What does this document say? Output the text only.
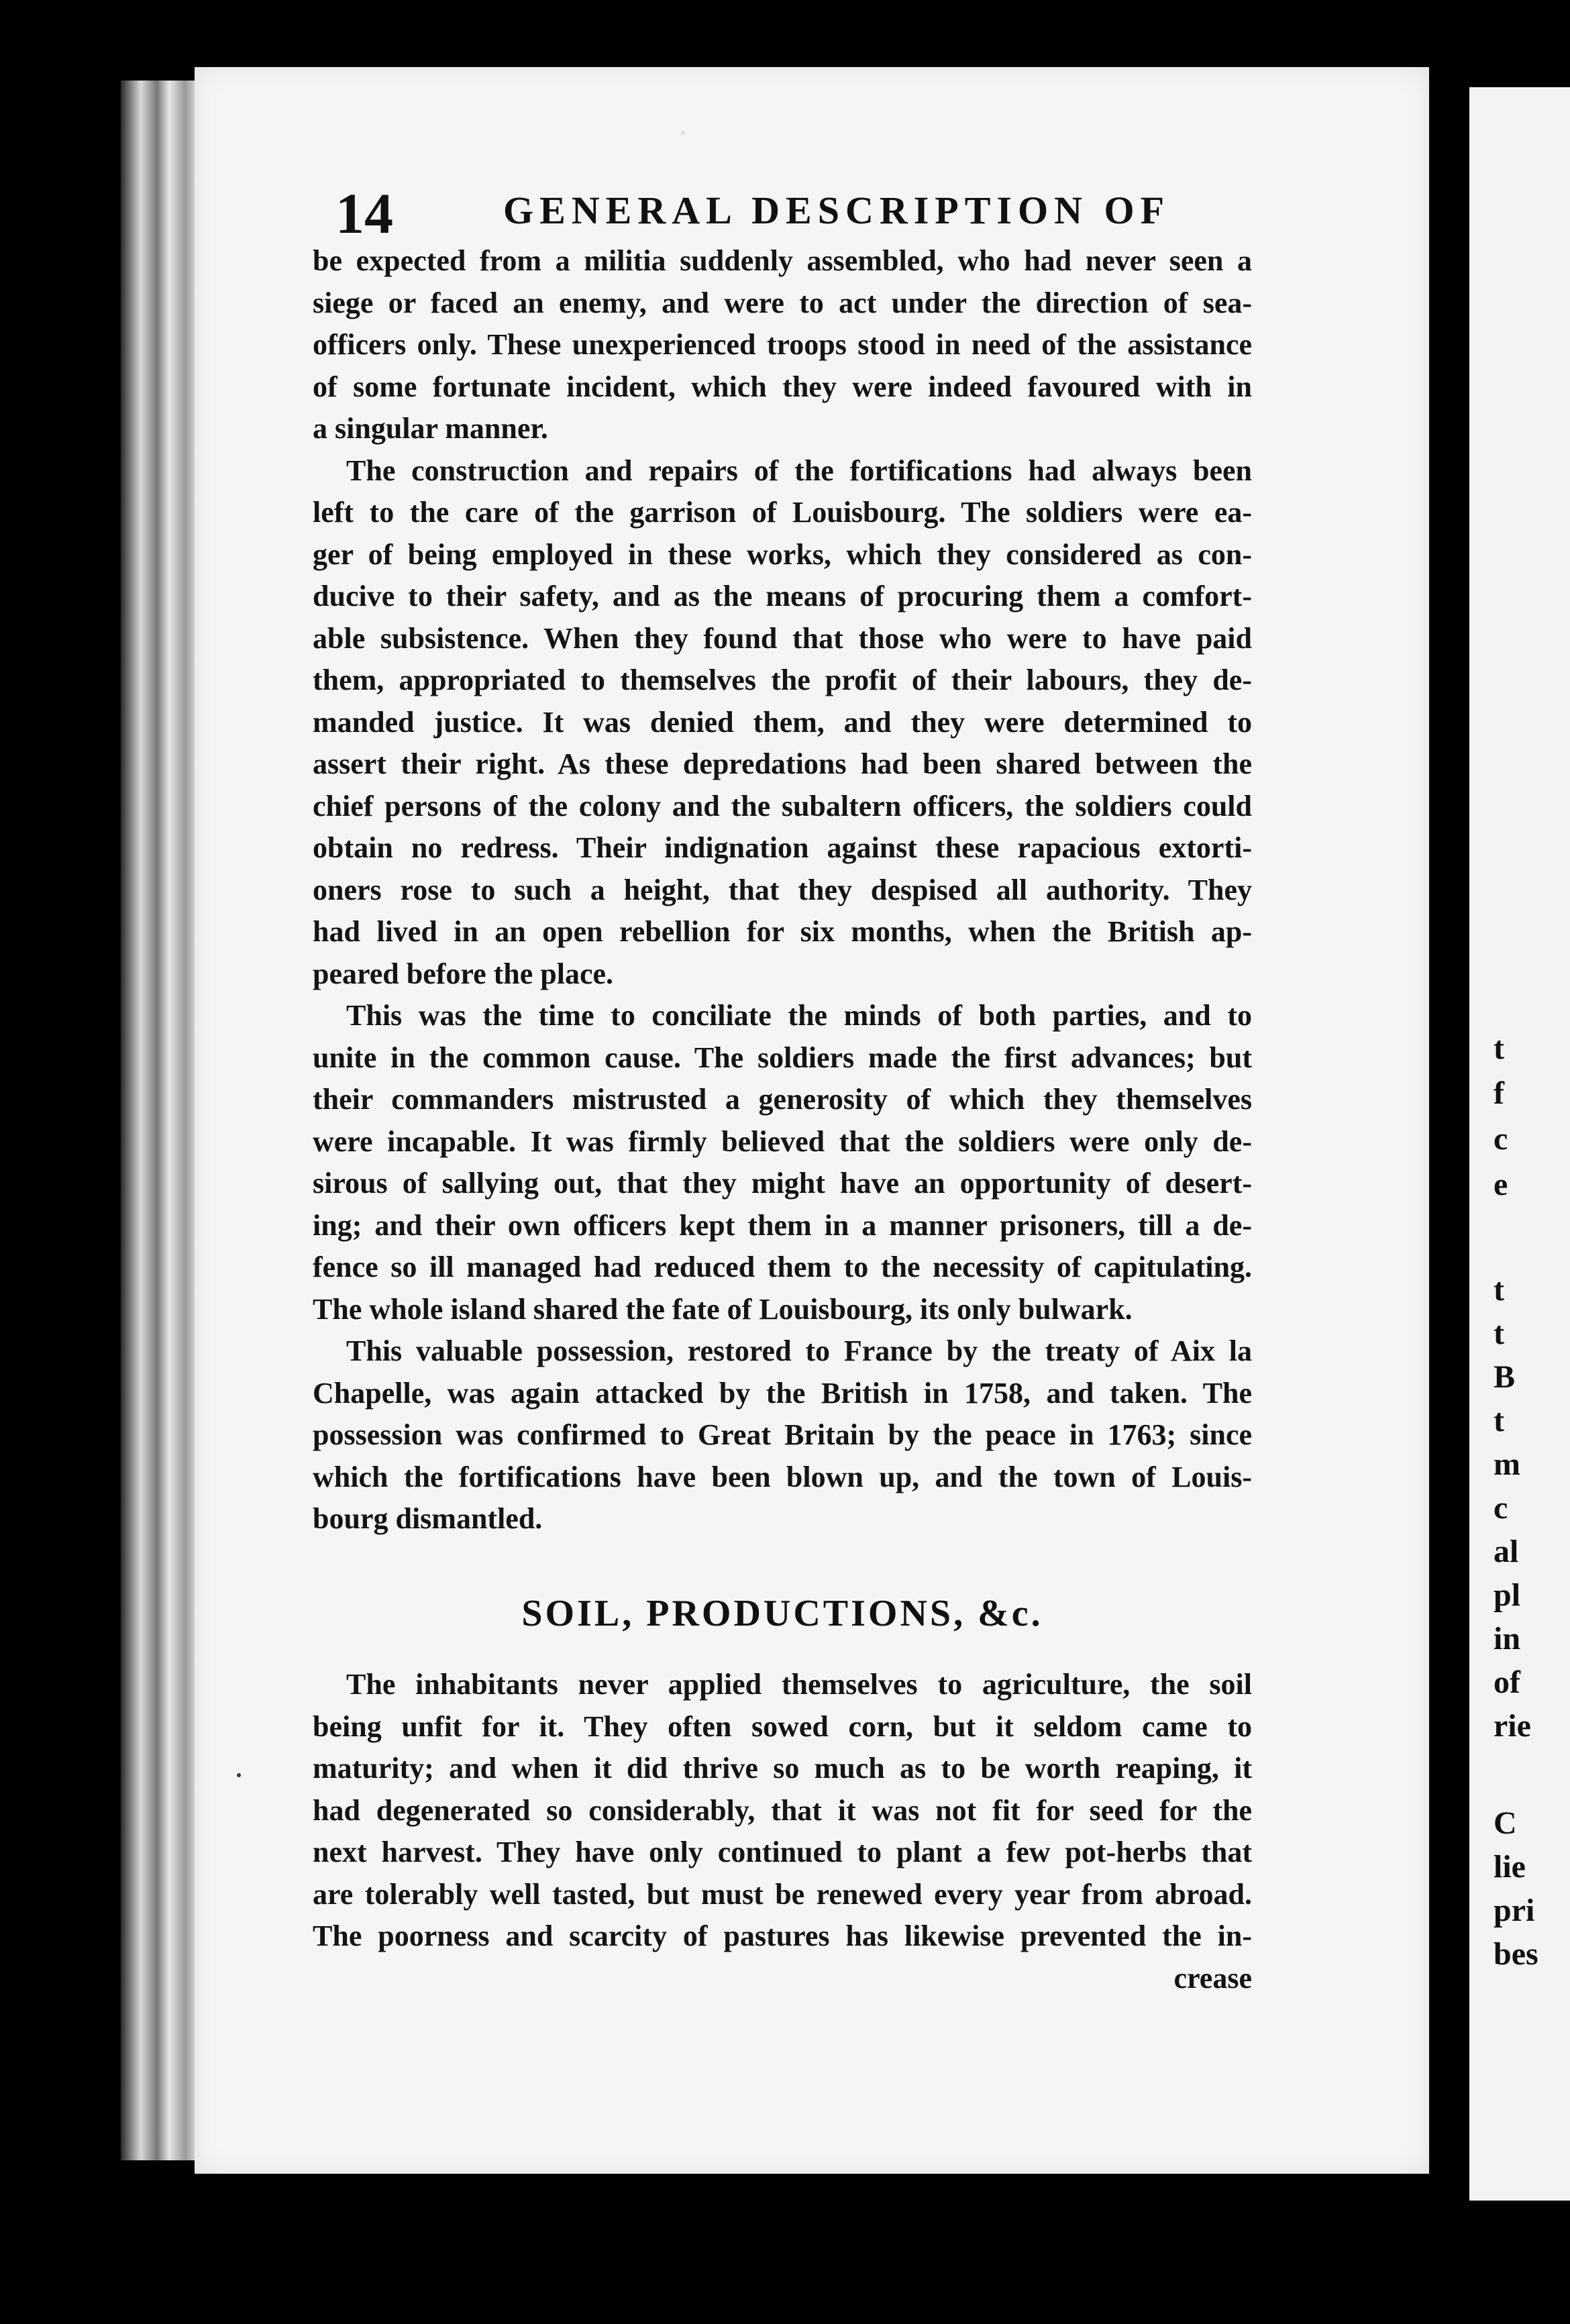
t
f
c
e
t
t
B
t
m
c
al
pl
in
of
rie
C
lie
pri
bes
14	GENERAL DESCRIPTION OF
be expected from a militia suddenly assembled, who had never seen a
siege or faced an enemy, and were to act under the direction of sea-
officers only. These unexperienced troops stood in need of the assistance
of some fortunate incident, which they were indeed favoured with in
a singular manner.
The construction and repairs of the fortifications had always been
left to the care of the garrison of Louisbourg. The soldiers were ea-
ger of being employed in these works, which they considered as con-
ducive to their safety, and as the means of procuring them a comfort-
able subsistence. When they found that those who were to have paid
them, appropriated to themselves the profit of their labours, they de-
manded justice. It was denied them, and they were determined to
assert their right. As these depredations had been shared between the
chief persons of the colony and the subaltern officers, the soldiers could
obtain no redress. Their indignation against these rapacious extorti-
oners rose to such a height, that they despised all authority. They
had lived in an open rebellion for six months, when the British ap-
peared before the place.
This was the time to conciliate the minds of both parties, and to
unite in the common cause. The soldiers made the first advances; but
their commanders mistrusted a generosity of which they themselves
were incapable. It was firmly believed that the soldiers were only de-
sirous of sallying out, that they might have an opportunity of desert-
ing; and their own officers kept them in a manner prisoners, till a de-
fence so ill managed had reduced them to the necessity of capitulating.
The whole island shared the fate of Louisbourg, its only bulwark.
This valuable possession, restored to France by the treaty of Aix la
Chapelle, was again attacked by the British in 1758, and taken. The
possession was confirmed to Great Britain by the peace in 1763; since
which the fortifications have been blown up, and the town of Louis-
bourg dismantled.
SOIL, PRODUCTIONS, &c.
The inhabitants never applied themselves to agriculture, the soil
being unfit for it. They often sowed corn, but it seldom came to
maturity; and when it did thrive so much as to be worth reaping, it
had degenerated so considerably, that it was not fit for seed for the
next harvest. They have only continued to plant a few pot-herbs that
are tolerably well tasted, but must be renewed every year from abroad.
The poorness and scarcity of pastures has likewise prevented the in-
crease
